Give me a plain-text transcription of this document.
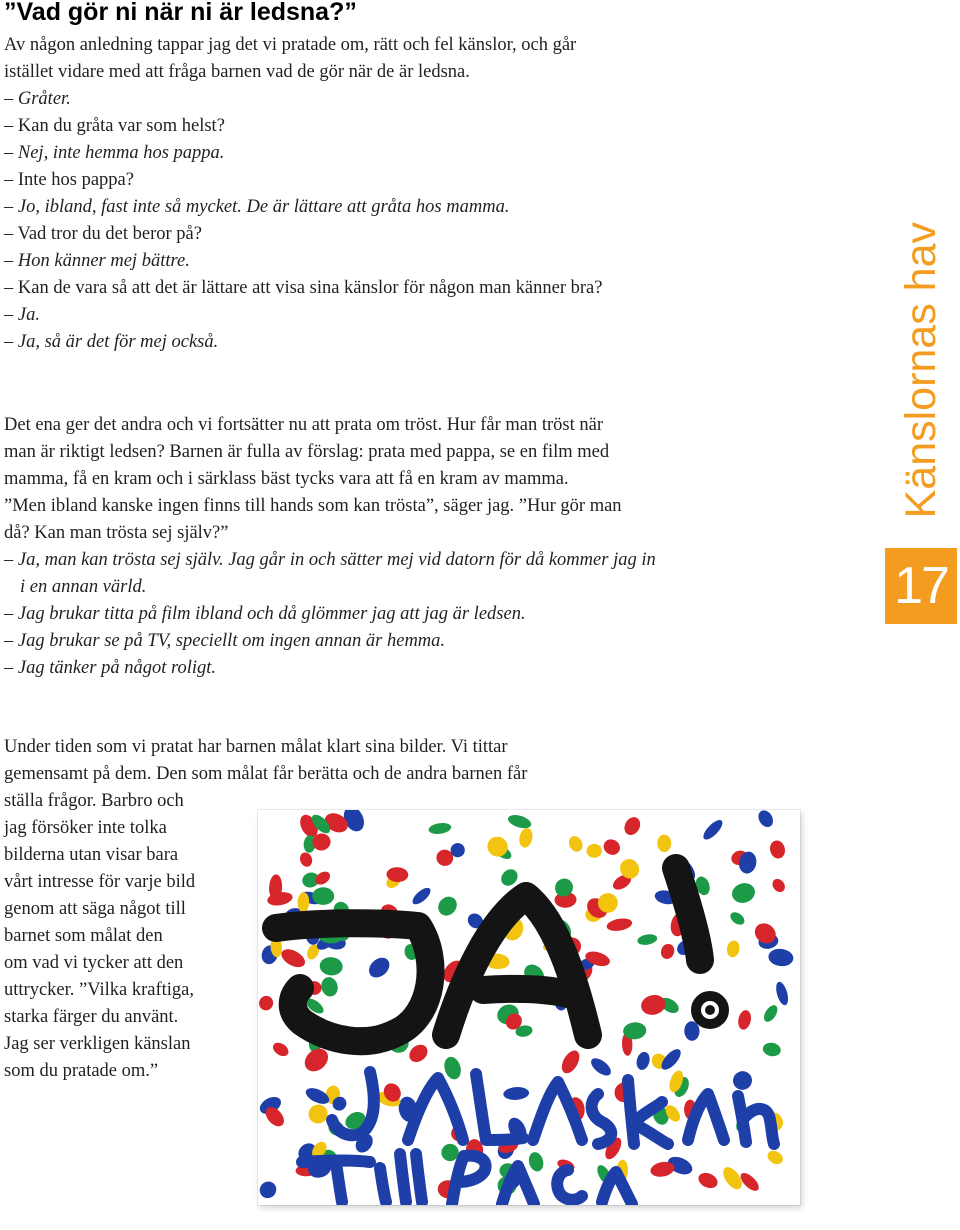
”Vad gör ni när ni är ledsna?”

Av någon anledning tappar jag det vi pratade om, rätt och fel känslor, och går istället vidare med att fråga barnen vad de gör när de är ledsna.

– Gråter.

– Kan du gråta var som helst?

– Nej, inte hemma hos pappa.

– Inte hos pappa?

– Jo, ibland, fast inte så mycket. De är lättare att gråta hos mamma.

– Vad tror du det beror på?

– Hon känner mej bättre.

– Kan de vara så att det är lättare att visa sina känslor för någon man känner bra?

– Ja.

– Ja, så är det för mej också.

Det ena ger det andra och vi fortsätter nu att prata om tröst. Hur får man tröst när man är riktigt ledsen? Barnen är fulla av förslag: prata med pappa, se en film med mamma, få en kram och i särklass bäst tycks vara att få en kram av mamma.

”Men ibland kanske ingen finns till hands som kan trösta”, säger jag. ”Hur gör man då? Kan man trösta sej själv?”

– Ja, man kan trösta sej själv. Jag går in och sätter mej vid datorn för då kommer jag in i en annan värld.

– Jag brukar titta på film ibland och då glömmer jag att jag är ledsen.

– Jag brukar se på TV, speciellt om ingen annan är hemma.

– Jag tänker på något roligt.

Under tiden som vi pratat har barnen målat klart sina bilder. Vi tittar

gemensamt på dem. Den som målat får berätta och de andra barnen får

ställa frågor. Barbro och

jag försöker inte tolka

bilderna utan visar bara

vårt intresse för varje bild

genom att säga något till

barnet som målat den

om vad vi tycker att den

uttrycker. ”Vilka kraftiga,

starka färger du använt.

Jag ser verkligen känslan

som du pratade om.”

Känslornas hav
17
